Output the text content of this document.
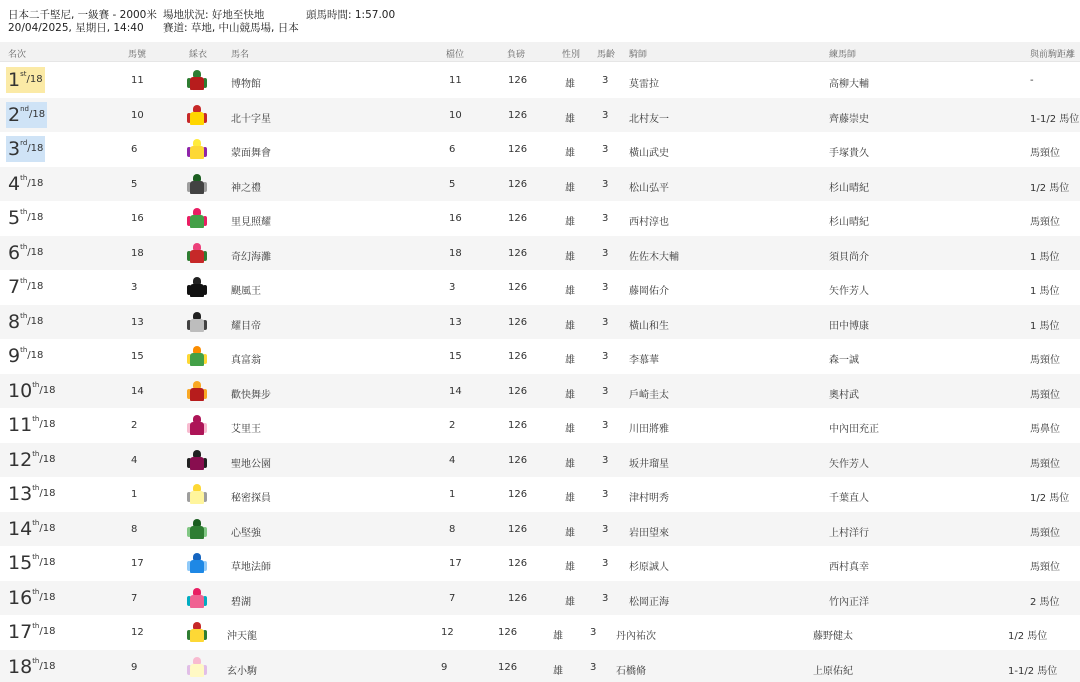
日本二千堅尼, 一級賽 - 2000米
20/04/2025, 星期日, 14:40
場地狀況: 好地至快地
賽道: 草地, 中山競馬場, 日本
頭馬時間: 1:57.00
名次	馬號	綵衣	馬名	檔位	負磅	性別 馬齡 騎師	練馬師	與前駒距離
1 st /18	11	博物館	11	126	雄	3 莫雷拉	高柳大輔	-
2 nd /18	10	北十字星	10	126	雄	3 北村友一	齊藤崇史	1-1/2 馬位
3 rd /18	6	蒙面舞會	6	126	雄	3 橫山武史	手塚貴久	馬頸位
4 th /18	5	神之禮	5	126	雄	3 松山弘平	杉山晴紀	1/2 馬位
5 th /18	16	里見照耀	16	126	雄	3 西村淳也	杉山晴紀	馬頸位
6 th /18	18	奇幻海灘	18	126	雄	3 佐佐木大輔	須貝尚介	1 馬位
7 th /18	3	颶風王	3	126	雄	3 藤岡佑介	矢作芳人	1 馬位
8 th /18	13	耀目帝	13	126	雄	3 橫山和生	田中博康	1 馬位
9 th /18	15	真富翁	15	126	雄	3 李慕華	森一誠	馬頸位
10 th /18	14	歡快舞步	14	126	雄	3 戶崎圭太	奧村武	馬頸位
11 th /18	2	艾里王	2	126	雄	3 川田將雅	中內田充正	馬鼻位
12 th /18	4	聖地公園	4	126	雄	3 坂井瑠星	矢作芳人	馬頸位
13 th /18	1	秘密探員	1	126	雄	3 津村明秀	千葉直人	1/2 馬位
14 th /18	8	心堅強	8	126	雄	3 岩田望來	上村洋行	馬頸位
15 th /18	17	草地法師	17	126	雄	3 杉原誠人	西村真幸	馬頸位
16 th /18	7	碧湖	7	126	雄	3 松岡正海	竹內正洋	2 馬位
17 th /18	12	沖天龍	12	126	雄	3 丹內祐次	藤野健太	1/2 馬位
18 th /18	9	玄小駒	9	126	雄	3 石橋脩	上原佑紀	1-1/2 馬位
